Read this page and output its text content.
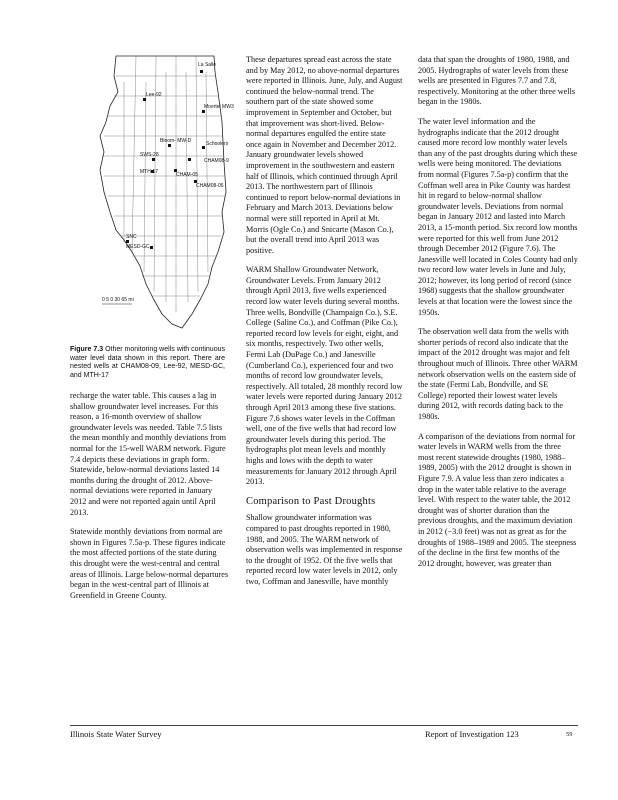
La Salle
Lee-92
Moertel MW3
Bloom- MW-D
CHAM08-9
Schoolers
SWS-28
MTH-17	CHAM-05
SNC
MESD-GC
CHAM08-05
0 5 0 30 65 mi
Figure 7.3 Other monitoring wells with continuous water level data shown in this report. There are nested wells at CHAM08-09, Lee-92, MESD-GC, and MTH-17

recharge the water table. This causes a lag in shallow groundwater level increases. For this reason, a 16-month overview of shallow groundwater levels was needed. Table 7.5 lists the mean monthly and monthly deviations from normal for the 15-well WARM network. Figure 7.4 depicts these deviations in graph form. Statewide, below-normal deviations lasted 14 months during the drought of 2012. Above-normal deviations were reported in January 2012 and were not reported again until April 2013.

Statewide monthly deviations from normal are shown in Figures 7.5a-p. These figures indicate the most affected portions of the state during this drought were the west-central and central areas of Illinois. Large below-normal departures began in the west-central part of Illinois at Greenfield in Greene County.

These departures spread east across the state and by May 2012, no above-normal departures were reported in Illinois. June, July, and August continued the below-normal trend. The southern part of the state showed some improvement in September and October, but that improvement was short-lived. Below-normal departures engulfed the entire state once again in November and December 2012. January groundwater levels showed improvement in the southwestern and eastern half of Illinois, which continued through April 2013. The northwestern part of Illinois continued to report below-normal deviations in February and March 2013. Deviations below normal were still reported in April at Mt. Morris (Ogle Co.) and Snicarte (Mason Co.), but the overall trend into April 2013 was positive.

WARM Shallow Groundwater Network, Groundwater Levels. From January 2012 through April 2013, five wells experienced record low water levels during several months. Three wells, Bondville (Champaign Co.), S.E. College (Saline Co.), and Coffman (Pike Co.), reported record low levels for eight, eight, and six months, respectively. Two other wells, Fermi Lab (DuPage Co.) and Janesville (Cumberland Co.), experienced four and two months of record low groundwater levels, respectively. All totaled, 28 monthly record low water levels were reported during January 2012 through April 2013 among these five stations. Figure 7.6 shows water levels in the Coffman well, one of the five wells that had record low groundwater levels during this period. The hydrographs plot mean levels and monthly highs and lows with the depth to water measurements for January 2012 through April 2013.

Comparison to Past Droughts

Shallow groundwater information was compared to past droughts reported in 1980, 1988, and 2005. The WARM network of observation wells was implemented in response to the drought of 1952. Of the five wells that reported record low water levels in 2012, only two, Coffman and Janesville, have monthly

data that span the droughts of 1980, 1988, and 2005. Hydrographs of water levels from these wells are presented in Figures 7.7 and 7.8, respectively. Monitoring at the other three wells began in the 1980s.

The water level information and the hydrographs indicate that the 2012 drought caused more record low monthly water levels than any of the past droughts during which these wells were being monitored. The deviations from normal (Figures 7.5a-p) confirm that the Coffman well area in Pike County was hardest hit in regard to below-normal shallow groundwater levels. Deviations from normal began in January 2012 and lasted into March 2013, a 15-month period. Six record low months were reported for this well from June 2012 through December 2012 (Figure 7.6). The Janesville well located in Coles County had only two record low water levels in June and July, 2012; however, its long period of record (since 1968) suggests that the shallow groundwater levels at that location were the lowest since the 1950s.

The observation well data from the wells with shorter periods of record also indicate that the impact of the 2012 drought was major and felt throughout much of Illinois. Three other WARM network observation wells on the eastern side of the state (Fermi Lab, Bondville, and SE College) reported their lowest water levels during 2012, with records dating back to the 1980s.

A comparison of the deviations from normal for water levels in WARM wells from the three most recent statewide droughts (1980, 1988–1989, 2005) with the 2012 drought is shown in Figure 7.9. A value less than zero indicates a drop in the water table relative to the average level. With respect to the water table, the 2012 drought was of shorter duration than the previous droughts, and the maximum deviation in 2012 (−3.0 feet) was not as great as for the droughts of 1988–1989 and 2005. The steepness of the decline in the first few months of the 2012 drought, however, was greater than

Illinois State Water Survey	Report of Investigation 123	59
